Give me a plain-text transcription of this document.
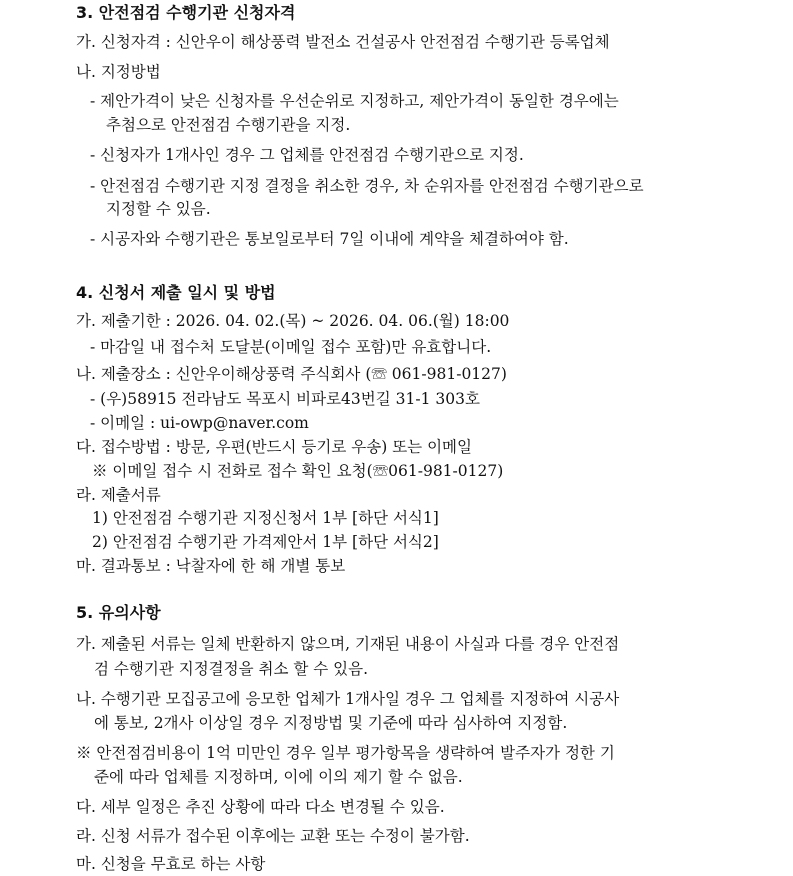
3. 안전점검 수행기관 신청자격
가. 신청자격 : 신안우이 해상풍력 발전소 건설공사 안전점검 수행기관 등록업체
나. 지정방법
- 제안가격이 낮은 신청자를 우선순위로 지정하고, 제안가격이 동일한 경우에는
추첨으로 안전점검 수행기관을 지정.
- 신청자가 1개사인 경우 그 업체를 안전점검 수행기관으로 지정.
- 안전점검 수행기관 지정 결정을 취소한 경우, 차 순위자를 안전점검 수행기관으로
지정할 수 있음.
- 시공자와 수행기관은 통보일로부터 7일 이내에 계약을 체결하여야 함.
4. 신청서 제출 일시 및 방법
가. 제출기한 : 2026. 04. 02.(목) ~ 2026. 04. 06.(월) 18:00
- 마감일 내 접수처 도달분(이메일 접수 포함)만 유효합니다.
나. 제출장소 : 신안우이해상풍력 주식회사 (☏ 061-981-0127)
- (우)58915 전라남도 목포시 비파로43번길 31-1 303호
- 이메일 : ui-owp@naver.com
다. 접수방법 : 방문, 우편(반드시 등기로 우송) 또는 이메일
※ 이메일 접수 시 전화로 접수 확인 요청(☏061-981-0127)
라. 제출서류
1) 안전점검 수행기관 지정신청서 1부 [하단 서식1]
2) 안전점검 수행기관 가격제안서 1부 [하단 서식2]
마. 결과통보 : 낙찰자에 한 해 개별 통보
5. 유의사항
가. 제출된 서류는 일체 반환하지 않으며, 기재된 내용이 사실과 다를 경우 안전점
검 수행기관 지정결정을 취소 할 수 있음.
나. 수행기관 모집공고에 응모한 업체가 1개사일 경우 그 업체를 지정하여 시공사
에 통보, 2개사 이상일 경우 지정방법 및 기준에 따라 심사하여 지정함.
※ 안전점검비용이 1억 미만인 경우 일부 평가항목을 생략하여 발주자가 정한 기
준에 따라 업체를 지정하며, 이에 이의 제기 할 수 없음.
다. 세부 일정은 추진 상황에 따라 다소 변경될 수 있음.
라. 신청 서류가 접수된 이후에는 교환 또는 수정이 불가함.
마. 신청을 무효로 하는 사항
